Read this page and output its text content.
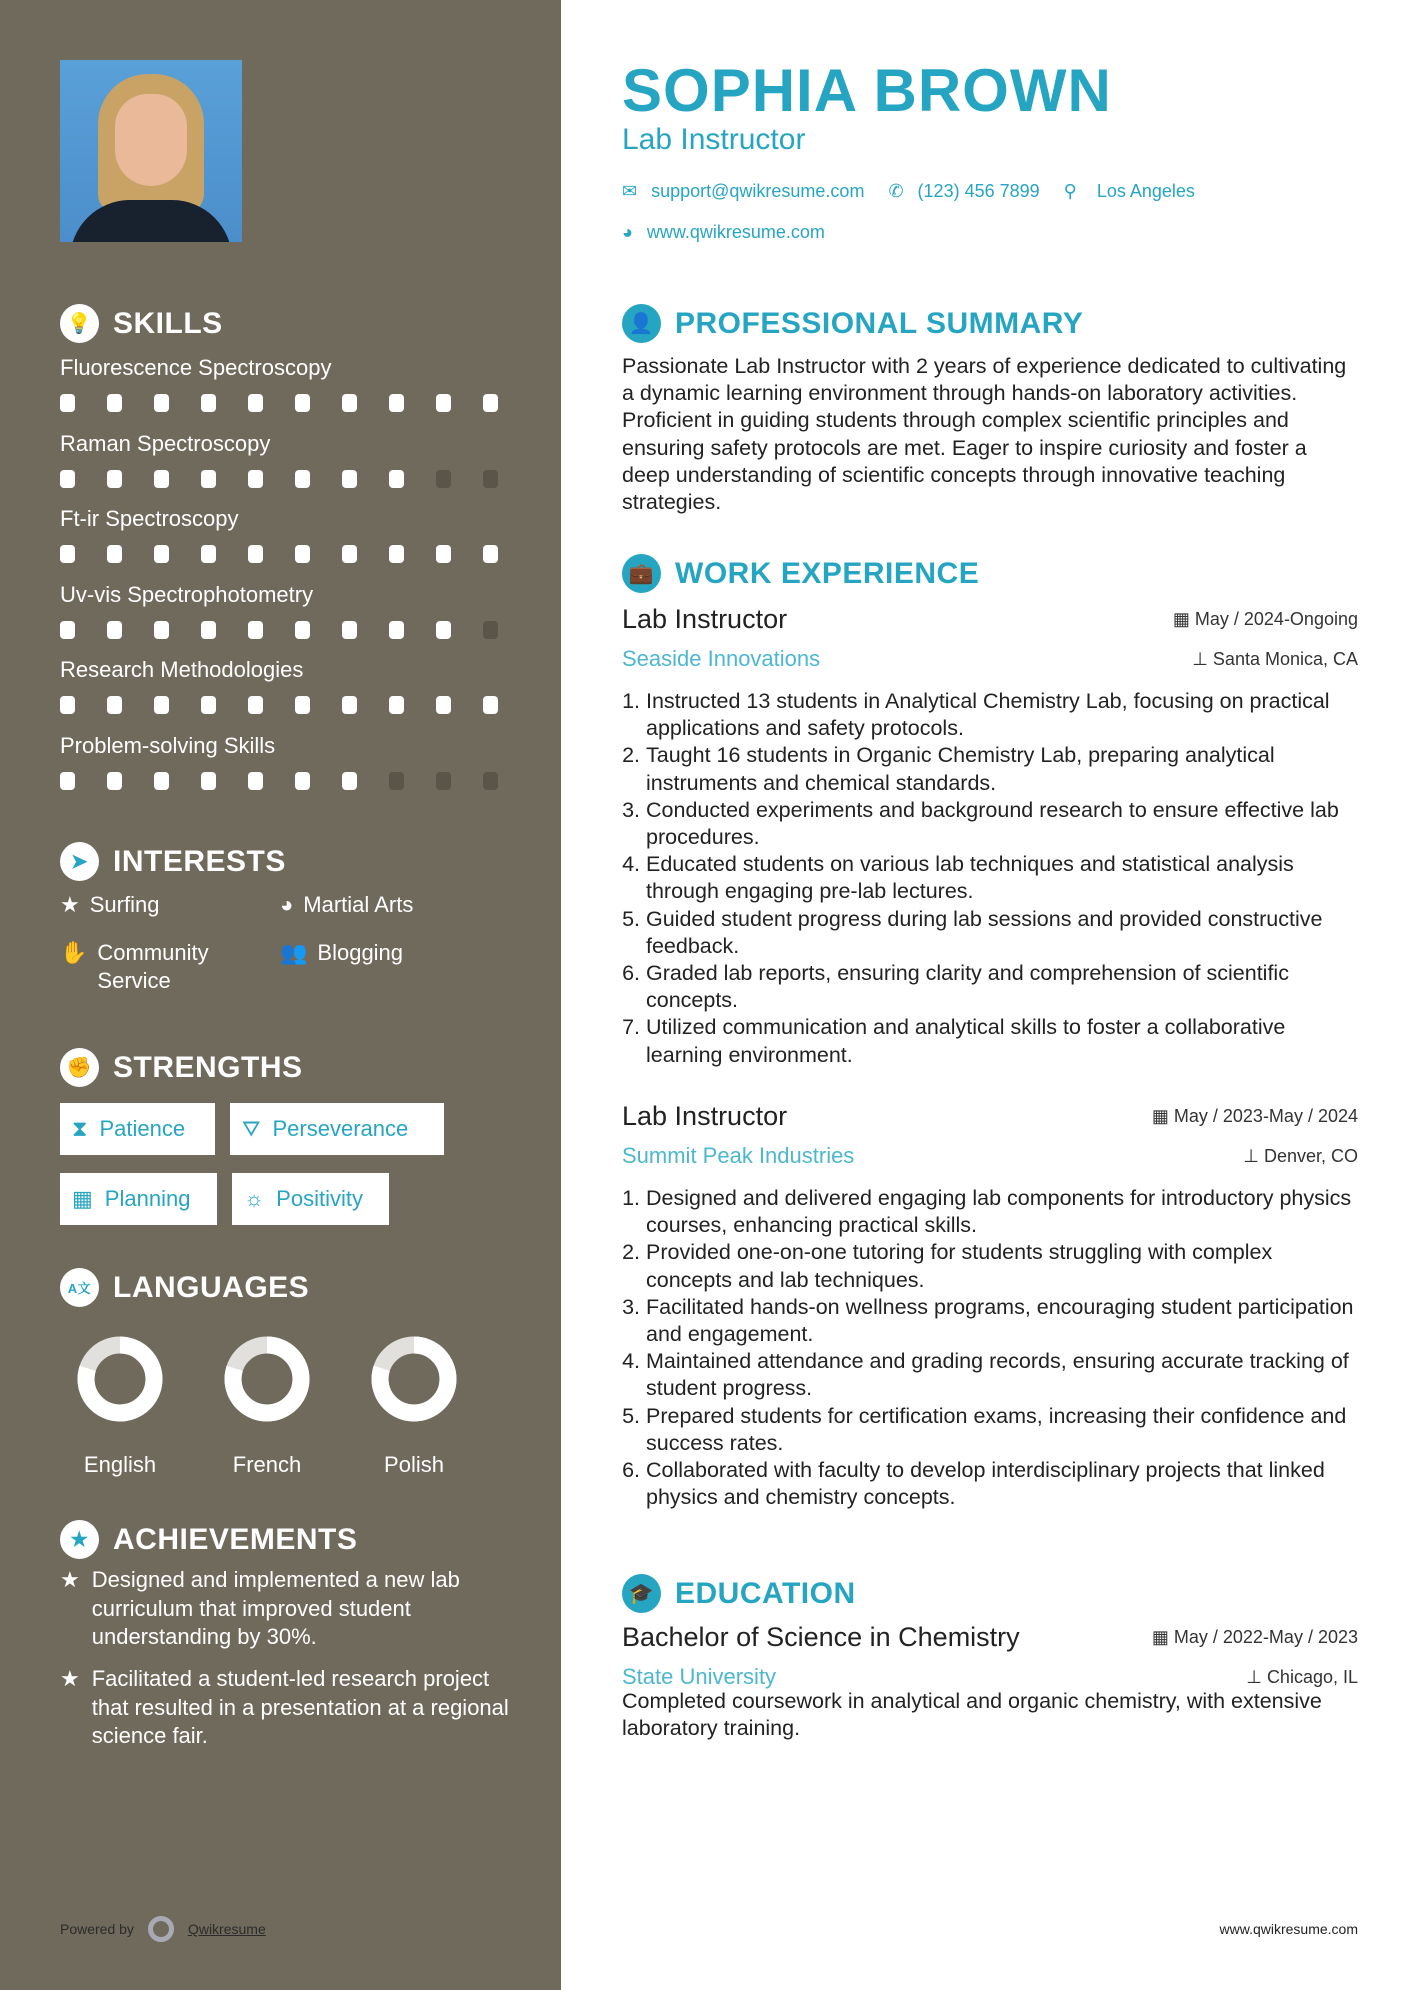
💡 SKILLS
➤ INTERESTS
★ Surfing	◕ Martial Arts
✋ Community Service
👥 Blogging
✊ STRENGTHS
⧗ Patience	⛛ Perseverance
▦ Planning ☼ Positivity
A文 LANGUAGES
★ ACHIEVEMENTS
★ Designed and implemented a new lab curriculum that improved student understanding by 30%.
★ Facilitated a student-led research project that resulted in a presentation at a regional science fair.
Powered by	Qwikresume
Fluorescence Spectroscopy
Raman Spectroscopy
Ft-ir Spectroscopy
Uv-vis Spectrophotometry
Research Methodologies
Problem-solving Skills
English	French	Polish
SOPHIA BROWN
Lab Instructor
✉ support@qwikresume.com ✆ (123) 456 7899 ⚲ Los Angeles
◕ www.qwikresume.com
👤 PROFESSIONAL SUMMARY
Passionate Lab Instructor with 2 years of experience dedicated to cultivating a dynamic learning environment through hands-on laboratory activities. Proficient in guiding students through complex scientific principles and ensuring safety protocols are met. Eager to inspire curiosity and foster a deep understanding of scientific concepts through innovative teaching strategies.
💼 WORK EXPERIENCE
🎓 EDUCATION
Bachelor of Science in Chemistry	▦ May / 2022-May / 2023
State University	⊥ Chicago, IL
Completed coursework in analytical and organic chemistry, with extensive laboratory training.
www.qwikresume.com
Lab Instructor	▦ May / 2024-Ongoing
Seaside Innovations	⊥ Santa Monica, CA
1. Instructed 13 students in Analytical Chemistry Lab, focusing on practical applications and safety protocols.
2. Taught 16 students in Organic Chemistry Lab, preparing analytical instruments and chemical standards.
3. Conducted experiments and background research to ensure effective lab procedures.
4. Educated students on various lab techniques and statistical analysis through engaging pre-lab lectures.
5. Guided student progress during lab sessions and provided constructive feedback.
6. Graded lab reports, ensuring clarity and comprehension of scientific concepts.
7. Utilized communication and analytical skills to foster a collaborative learning environment.
Lab Instructor	▦ May / 2023-May / 2024
Summit Peak Industries	⊥ Denver, CO
1. Designed and delivered engaging lab components for introductory physics courses, enhancing practical skills.
2. Provided one-on-one tutoring for students struggling with complex concepts and lab techniques.
3. Facilitated hands-on wellness programs, encouraging student participation and engagement.
4. Maintained attendance and grading records, ensuring accurate tracking of student progress.
5. Prepared students for certification exams, increasing their confidence and success rates.
6. Collaborated with faculty to develop interdisciplinary projects that linked physics and chemistry concepts.
